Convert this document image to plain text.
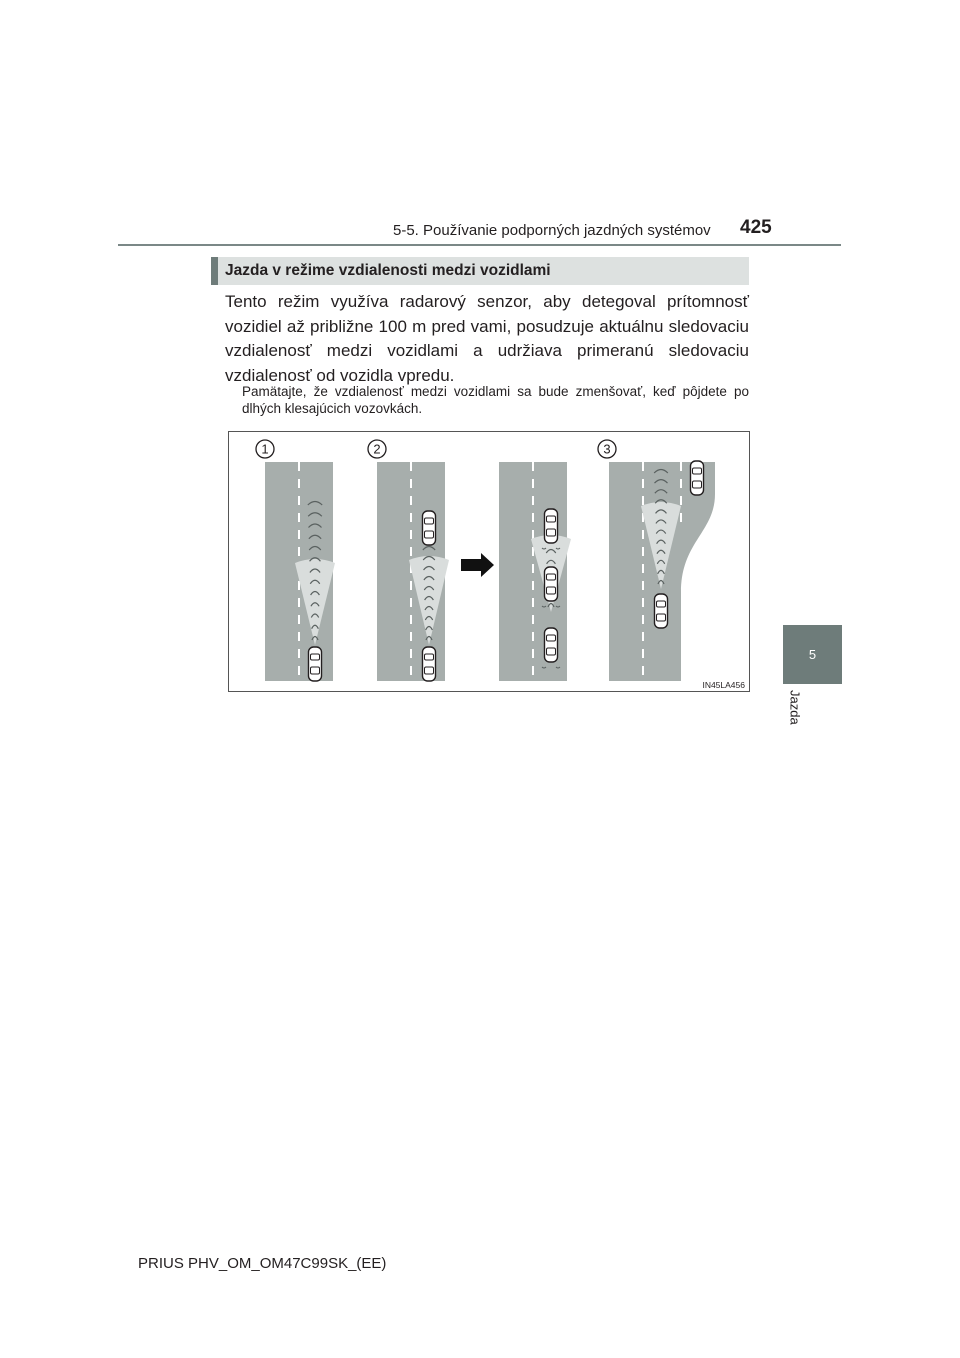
5-5. Používanie podporných jazdných systémov 425
5
Jazda
Jazda v režime vzdialenosti medzi vozidlami

Tento režim využíva radarový senzor, aby detegoval prítomnosť vozidiel až približne 100 m pred vami, posudzuje aktuálnu sledovaciu vzdialenosť medzi vozidlami a udržiava primeranú sledovaciu vzdialenosť od vozidla vpredu.

Pamätajte, že vzdialenosť medzi vozidlami sa bude zmenšovať, keď pôjdete po dlhých klesajúcich vozovkách.

1	2	3
IN45LA456
PRIUS PHV_OM_OM47C99SK_(EE)
